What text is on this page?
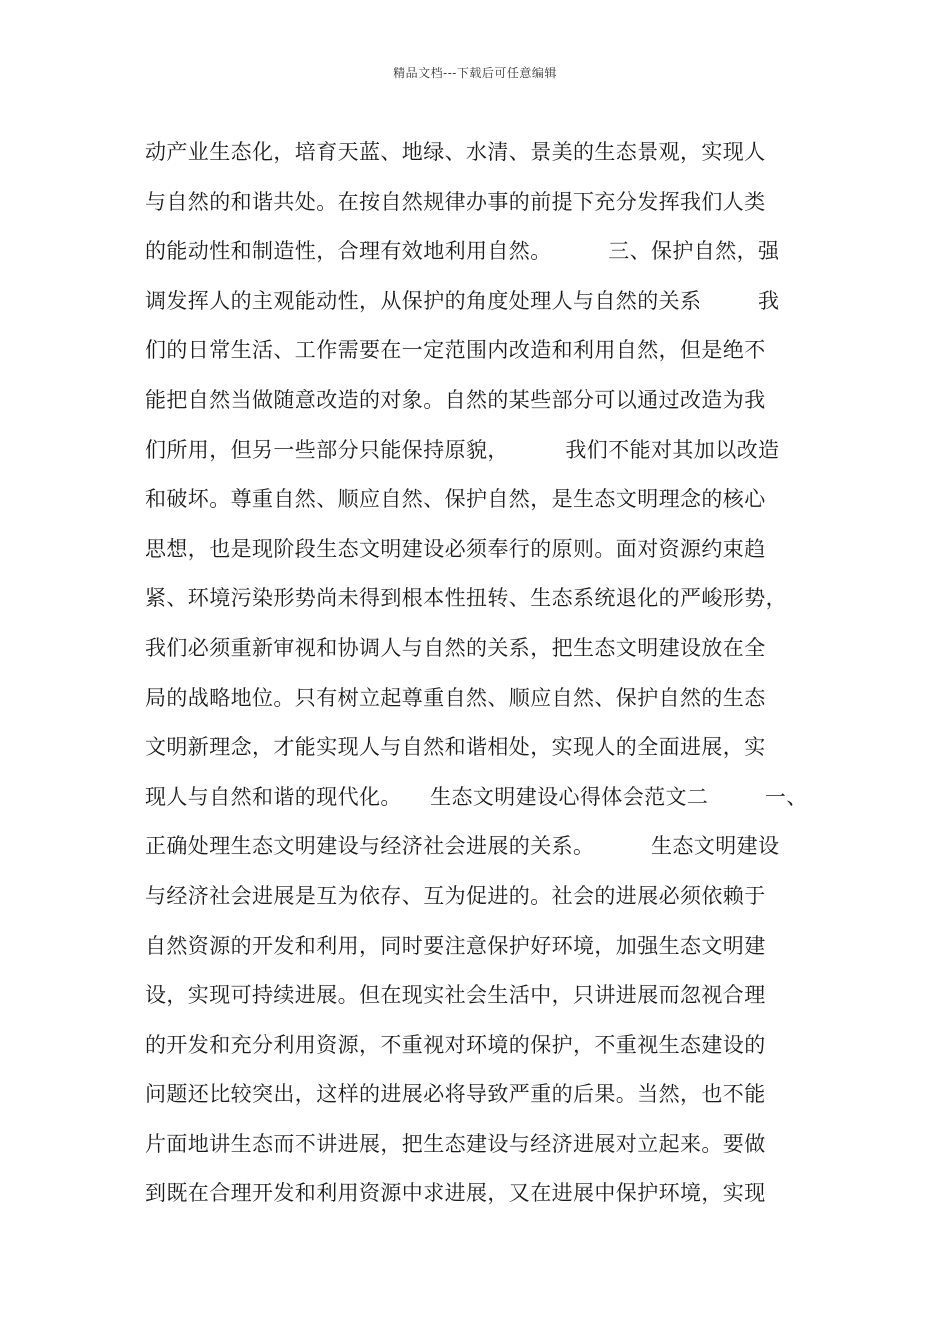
精品文档---下载后可任意编辑
动产业生态化，培育天蓝、地绿、水清、景美的生态景观，实现人
与自然的和谐共处。在按自然规律办事的前提下充分发挥我们人类
的能动性和制造性，合理有效地利用自然。        三、保护自然，强
调发挥人的主观能动性，从保护的角度处理人与自然的关系        我
们的日常生活、工作需要在一定范围内改造和利用自然，但是绝不
能把自然当做随意改造的对象。自然的某些部分可以通过改造为我
们所用，但另一些部分只能保持原貌，        我们不能对其加以改造
和破坏。尊重自然、顺应自然、保护自然，是生态文明理念的核心
思想，也是现阶段生态文明建设必须奉行的原则。面对资源约束趋
紧、环境污染形势尚未得到根本性扭转、生态系统退化的严峻形势，
我们必须重新审视和协调人与自然的关系，把生态文明建设放在全
局的战略地位。只有树立起尊重自然、顺应自然、保护自然的生态
文明新理念，才能实现人与自然和谐相处，实现人的全面进展，实
现人与自然和谐的现代化。    生态文明建设心得体会范文二        一、
正确处理生态文明建设与经济社会进展的关系。        生态文明建设
与经济社会进展是互为依存、互为促进的。社会的进展必须依赖于
自然资源的开发和利用，同时要注意保护好环境，加强生态文明建
设，实现可持续进展。但在现实社会生活中，只讲进展而忽视合理
的开发和充分利用资源，不重视对环境的保护，不重视生态建设的
问题还比较突出，这样的进展必将导致严重的后果。当然，也不能
片面地讲生态而不讲进展，把生态建设与经济进展对立起来。要做
到既在合理开发和利用资源中求进展，又在进展中保护环境，实现
